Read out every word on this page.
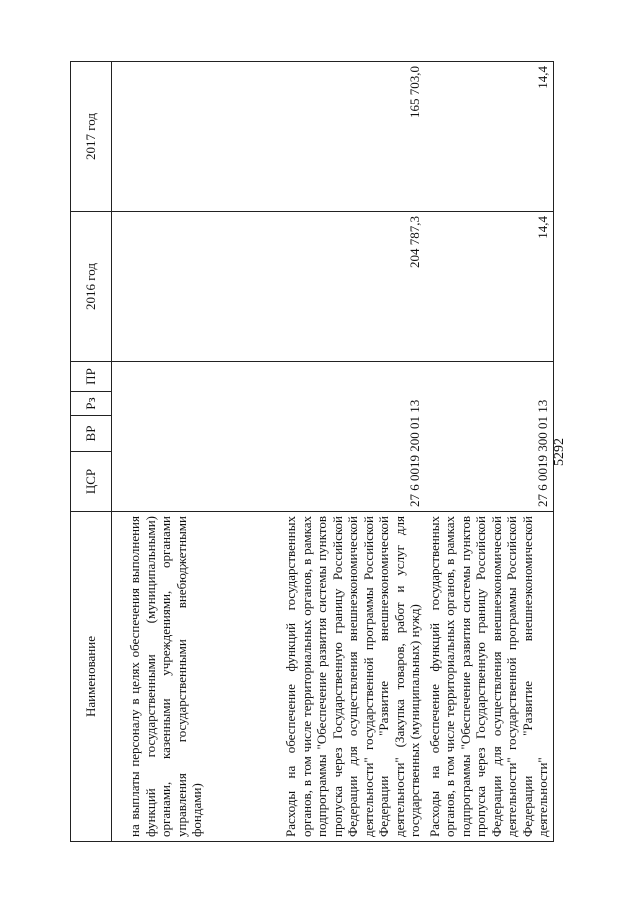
5292
Наименование	ЦСР	ВР	Рз	ПР	2016 год	2017 год

на выплаты персоналу в целях обеспечения выполнения функций государственными (муниципальными) органами, казенными учреждениями, органами управления государственными внебюджетными фондами)						

Расходы на обеспечение функций государственных органов, в том числе территориальных органов, в рамках подпрограммы "Обеспечение развития системы пунктов пропуска через Государственную границу Российской Федерации для осуществления внешнеэкономической деятельности" государственной программы Российской Федерации "Развитие внешнеэкономической деятельности" (Закупка товаров, работ и услуг для государственных (муниципальных) нужд)	27 6 0019 200 01 13				204 787,3	165 703,0

Расходы на обеспечение функций государственных органов, в том числе территориальных органов, в рамках подпрограммы "Обеспечение развития системы пунктов пропуска через Государственную границу Российской Федерации для осуществления внешнеэкономической деятельности" государственной программы Российской Федерации "Развитие внешнеэкономической деятельности"	27 6 0019 300 01 13				14,4	14,4
